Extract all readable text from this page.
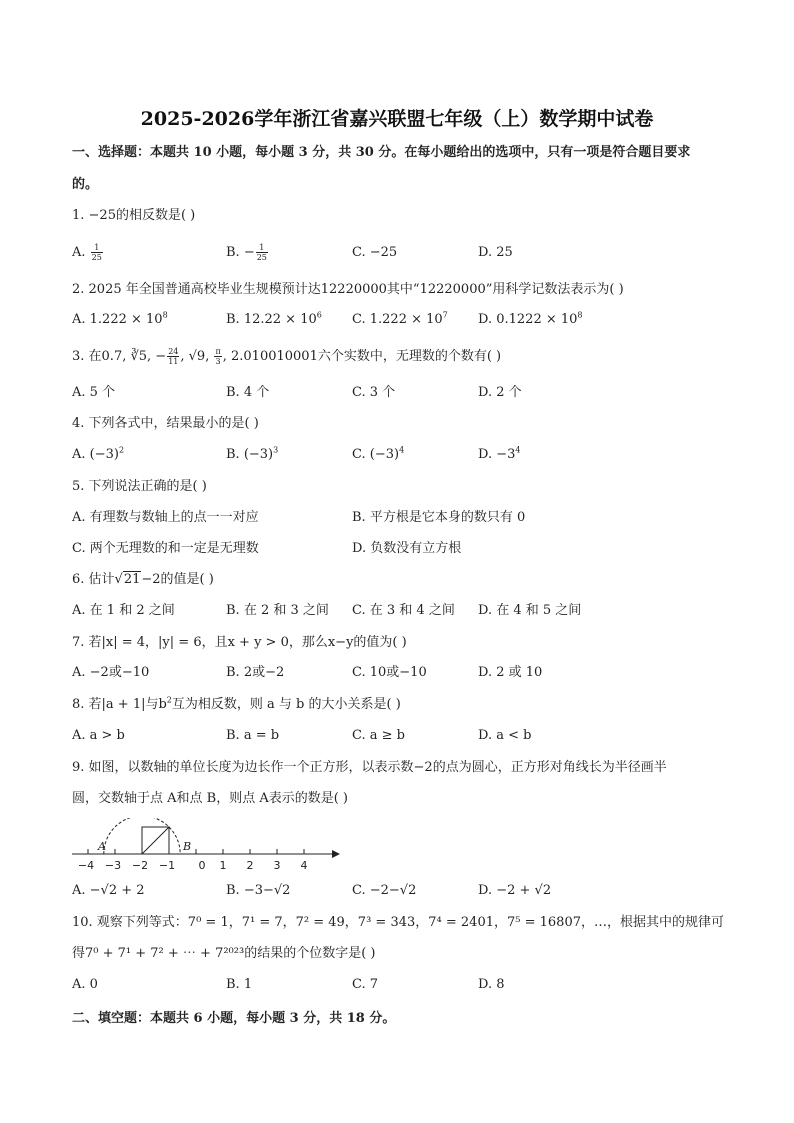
2025-2026学年浙江省嘉兴联盟七年级（上）数学期中试卷
一、选择题：本题共 10 小题，每小题 3 分，共 30 分。在每小题给出的选项中，只有一项是符合题目要求
的。
1. −25的相反数是( )
A. $\frac{1}{25}$	B. − $\frac{1}{25}$	C. −25	D. 25
2. 2025 年全国普通高校毕业生规模预计达12220000其中“12220000”用科学记数法表示为( )
A. $1.222 \times 10^8$	B. $12.22 \times 10^6$ C. $1.222 \times 10^7$ D. $0.1222 \times 10^8$
3. 在0.7, ∛5, − $\frac{24}{11}$ , √9, $\frac{\pi}{3}$ , 2.010010001六个实数中，无理数的个数有( )
A. 5 个	B. 4 个	C. 3 个	D. 2 个
4. 下列各式中，结果最小的是( )
A. $(-3)^2$	B. $(-3)^3$	C. $(-3)^4$	D. $-3^4$
5. 下列说法正确的是( )
A. 有理数与数轴上的点一一对应	B. 平方根是它本身的数只有 0
C. 两个无理数的和一定是无理数	D. 负数没有立方根
6. 估计√21−2的值是( )
A. 在 1 和 2 之间	B. 在 2 和 3 之间 C. 在 3 和 4 之间 D. 在 4 和 5 之间
7. 若|x| = 4，|y| = 6，且x + y > 0，那么x−y的值为( )
A. −2或−10	B. 2或−2	C. 10或−10	D. 2 或 10
8. 若|a + 1|与$b^2$互为相反数，则 a 与 b 的大小关系是( )
A. a > b	B. a = b	C. a ≥ b	D. a < b
9. 如图，以数轴的单位长度为边长作一个正方形，以表示数−2的点为圆心，正方形对角线长为半径画半
圆，交数轴于点 A和点 B，则点 A表示的数是( )
A	B
−4 −3 −2 −1 0 1 2 3 4
A. −√2 + 2	B. −3−√2	C. −2−√2	D. −2 + √2
10. 观察下列等式：7⁰ = 1，7¹ = 7，7² = 49，7³ = 343，7⁴ = 2401，7⁵ = 16807，…，根据其中的规律可
得7⁰ + 7¹ + 7² + ⋯ + 7²⁰²³的结果的个位数字是( )
A. 0	B. 1	C. 7	D. 8
二、填空题：本题共 6 小题，每小题 3 分，共 18 分。
